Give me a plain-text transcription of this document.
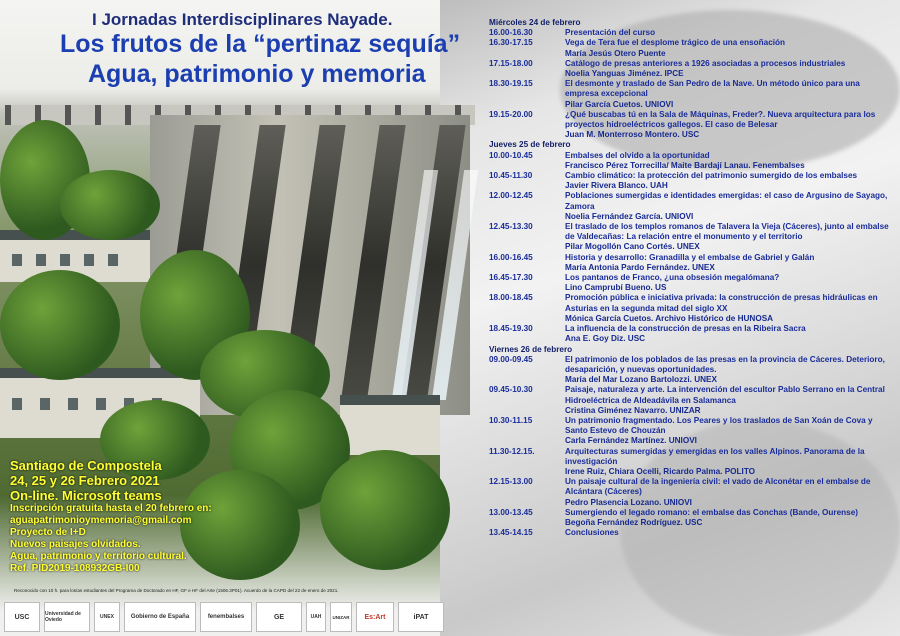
I Jornadas Interdisciplinares Nayade.
Los frutos de la “pertinaz sequía”
Agua, patrimonio y memoria
Santiago de Compostela
24, 25 y 26 Febrero 2021
On-line. Microsoft teams
Inscripción gratuita hasta el 20 febrero en:
aguapatrimonioymemoria@gmail.com
Proyecto de I+D
Nuevos paisajes olvidados.
Agua, patrimonio y territorio cultural.
Ref. PID2019-108932GB-I00
Reconocido con 10 h. para los/as estudiantes del Programa de Doctorado en HF, GF e HF del Arte (1506.3P01). Acuerdo de la CAPD del 22 de enero de 2021.
USC	Universidad de Oviedo	UNEX	Gobierno de España	fenembalses	GE	UAH	UNIZAR	Es:Art	iPAT
Miércoles 24 de febrero
16.00-16.30	Presentación del curso
16.30-17.15	Vega de Tera fue el desplome trágico de una ensoñación
María Jesús Otero Puente
17.15-18.00	Catálogo de presas anteriores a 1926 asociadas a procesos industriales
Noelia Yanguas Jiménez. IPCE
18.30-19.15	El desmonte y traslado de San Pedro de la Nave. Un método único para una empresa excepcional
Pilar García Cuetos. UNIOVI
19.15-20.00	¿Qué buscabas tú en la Sala de Máquinas, Freder?. Nueva arquitectura para los proyectos hidroeléctricos gallegos. El caso de Belesar
Juan M. Monterroso Montero. USC
Jueves 25 de febrero
10.00-10.45	Embalses del olvido a la oportunidad
Francisco Pérez Torrecilla/ Maite Bardají Lanau. Fenembalses
10.45-11.30	Cambio climático: la protección del patrimonio sumergido de los embalses
Javier Rivera Blanco. UAH
12.00-12.45	Poblaciones sumergidas e identidades emergidas: el caso de Argusino de Sayago, Zamora
Noelia Fernández García. UNIOVI
12.45-13.30	El traslado de los templos romanos de Talavera la Vieja (Cáceres), junto al embalse de Valdecañas: La relación entre el monumento y el territorio
Pilar Mogollón Cano Cortés. UNEX
16.00-16.45	Historia y desarrollo: Granadilla y el embalse de Gabriel y Galán
María Antonia Pardo Fernández. UNEX
16.45-17.30	Los pantanos de Franco, ¿una obsesión megalómana?
Lino Camprubí Bueno. US
18.00-18.45	Promoción pública e iniciativa privada: la construcción de presas hidráulicas en Asturias en la segunda mitad del siglo XX
Mónica García Cuetos. Archivo Histórico de HUNOSA
18.45-19.30	La influencia de la construcción de presas en la Ribeira Sacra
Ana E. Goy Diz. USC
Viernes 26 de febrero
09.00-09.45	El patrimonio de los poblados de las presas en la provincia de Cáceres. Deterioro, desaparición, y nuevas oportunidades.
María del Mar Lozano Bartolozzi. UNEX
09.45-10.30	Paisaje, naturaleza y arte. La intervención del escultor Pablo Serrano en la Central Hidroeléctrica de Aldeadávila en Salamanca
Cristina Giménez Navarro. UNIZAR
10.30-11.15	Un patrimonio fragmentado. Los Peares y los traslados de San Xoán de Cova y Santo Estevo de Chouzán
Carla Fernández Martínez. UNIOVI
11.30-12.15.	Arquitecturas sumergidas y emergidas en los valles Alpinos. Panorama de la investigación
Irene Ruiz, Chiara Ocelli, Ricardo Palma. POLITO
12.15-13.00	Un paisaje cultural de la ingeniería civil: el vado de Alconétar en el embalse de Alcántara (Cáceres)
Pedro Plasencia Lozano. UNIOVI
13.00-13.45	Sumergiendo el legado romano: el embalse das Conchas (Bande, Ourense)
Begoña Fernández Rodríguez. USC
13.45-14.15	Conclusiones
